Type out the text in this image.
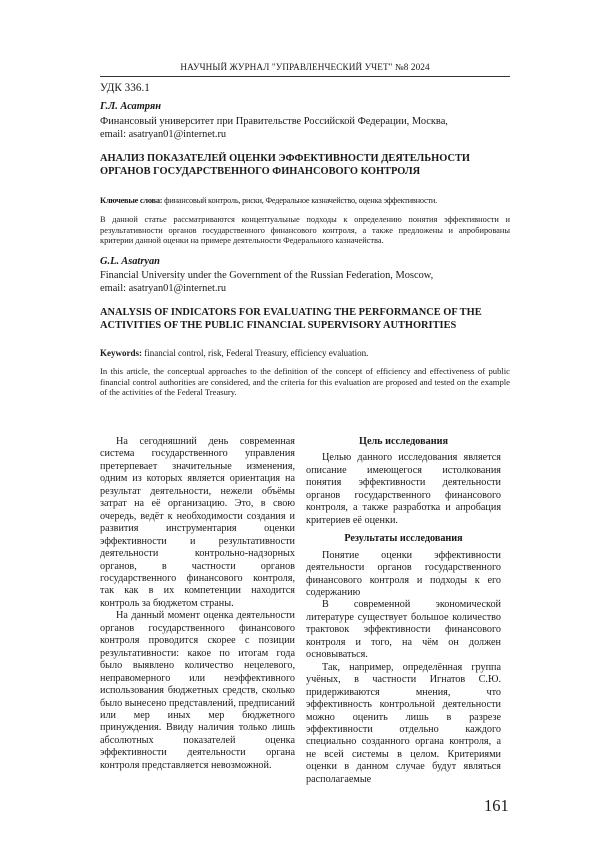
НАУЧНЫЙ ЖУРНАЛ "УПРАВЛЕНЧЕСКИЙ УЧЕТ" №8 2024
УДК 336.1
Г.Л. Асатрян
Финансовый университет при Правительстве Российской Федерации, Москва,
email: asatryan01@internet.ru
АНАЛИЗ ПОКАЗАТЕЛЕЙ ОЦЕНКИ ЭФФЕКТИВНОСТИ ДЕЯТЕЛЬНОСТИ ОРГАНОВ ГОСУДАРСТВЕННОГО ФИНАНСОВОГО КОНТРОЛЯ
Ключевые слова: финансовый контроль, риски, Федеральное казначейство, оценка эффективности.

В данной статье рассматриваются концептуальные подходы к определению понятия эффективности и результативности органов государственного финансового контроля, а также предложены и апробированы критерии данной оценки на примере деятельности Федерального казначейства.

G.L. Asatryan
Financial University under the Government of the Russian Federation, Moscow,
email: asatryan01@internet.ru
ANALYSIS OF INDICATORS FOR EVALUATING THE PERFORMANCE OF THE ACTIVITIES OF THE PUBLIC FINANCIAL SUPERVISORY AUTHORITIES
Keywords: financial control, risk, Federal Treasury, efficiency evaluation.

In this article, the conceptual approaches to the definition of the concept of efficiency and effectiveness of public financial control authorities are considered, and the criteria for this evaluation are proposed and tested on the example of the activities of the Federal Treasury.

На сегодняшний день современная система государственного управления претерпевает значительные изменения, одним из которых является ориентация на результат деятельности, нежели объёмы затрат на её организацию. Это, в свою очередь, ведёт к необходимости создания и развития инструментария оценки эффективности и результативности деятельности контрольно-надзорных органов, в частности органов государственного финансового контроля, так как в их компетенции находится контроль за бюджетом страны.

На данный момент оценка деятельности органов государственного финансового контроля проводится скорее с позиции результативности: какое по итогам года было выявлено количество нецелевого, неправомерного или неэффективного использования бюджетных средств, сколько было вынесено представлений, предписаний или мер иных мер бюджетного принуждения. Ввиду наличия только лишь абсолютных показателей оценка эффективности деятельности органа контроля представляется невозможной.

Цель исследования

Целью данного исследования является описание имеющегося истолкования понятия эффективности деятельности органов государственного финансового контроля, а также разработка и апробация критериев её оценки.

Результаты исследования

Понятие оценки эффективности деятельности органов государственного финансового контроля и подходы к его содержанию

В современной экономической литературе существует большое количество трактовок эффективности финансового контроля и того, на чём он должен основываться.

Так, например, определённая группа учёных, в частности Игнатов С.Ю. придерживаются мнения, что эффективность контрольной деятельности можно оценить лишь в разрезе эффективности отдельно каждого специально созданного органа контроля, а не всей системы в целом. Критериями оценки в данном случае будут являться располагаемые

161
